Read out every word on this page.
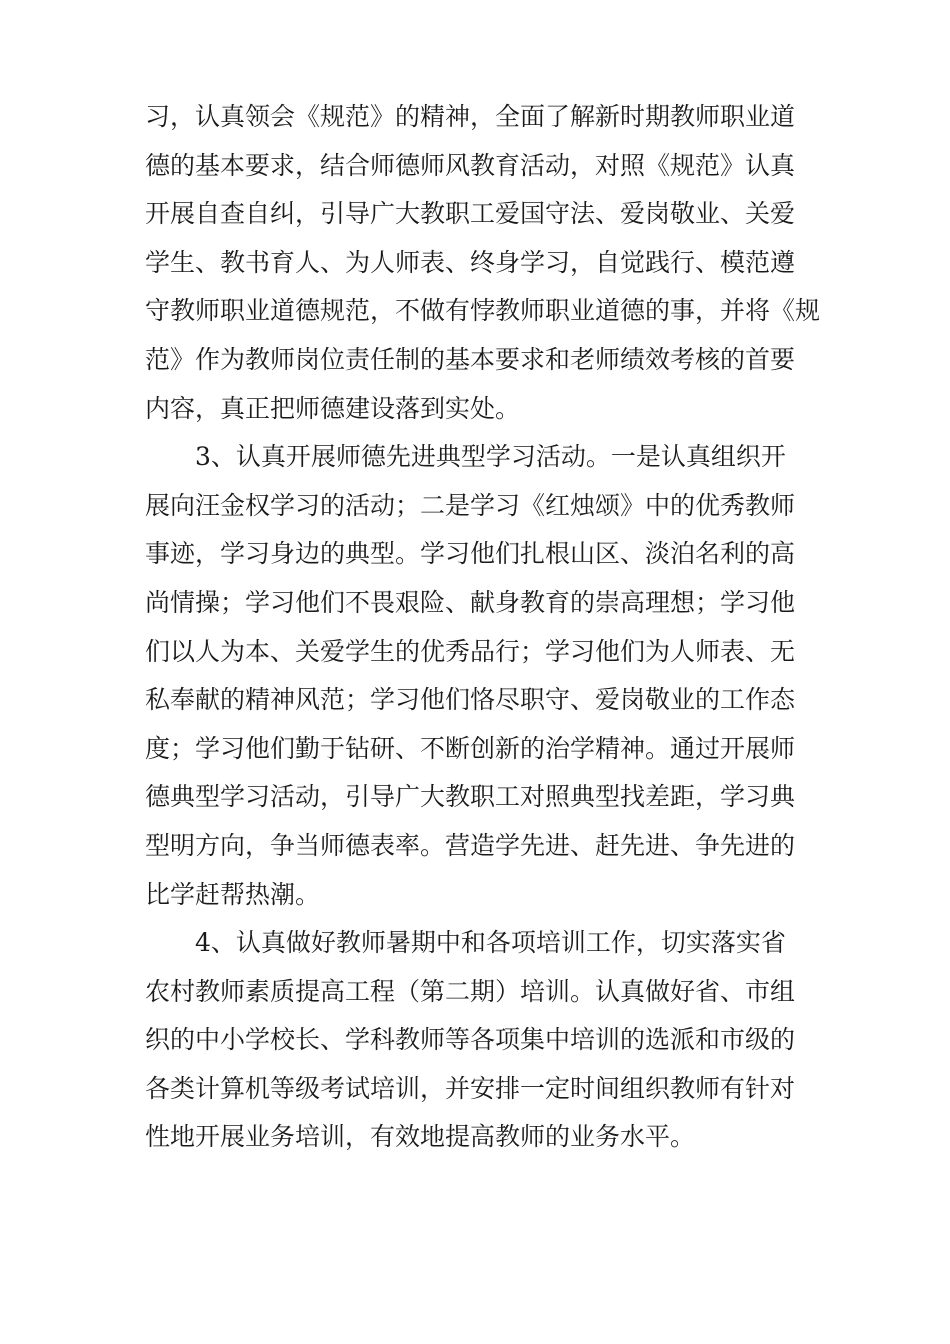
习，认真领会《规范》的精神，全面了解新时期教师职业道
德的基本要求，结合师德师风教育活动，对照《规范》认真
开展自查自纠，引导广大教职工爱国守法、爱岗敬业、关爱
学生、教书育人、为人师表、终身学习，自觉践行、模范遵
守教师职业道德规范，不做有悖教师职业道德的事，并将《规
范》作为教师岗位责任制的基本要求和老师绩效考核的首要
内容，真正把师德建设落到实处。
3、认真开展师德先进典型学习活动。一是认真组织开
展向汪金权学习的活动；二是学习《红烛颂》中的优秀教师
事迹，学习身边的典型。学习他们扎根山区、淡泊名利的高
尚情操；学习他们不畏艰险、献身教育的崇高理想；学习他
们以人为本、关爱学生的优秀品行；学习他们为人师表、无
私奉献的精神风范；学习他们恪尽职守、爱岗敬业的工作态
度；学习他们勤于钻研、不断创新的治学精神。通过开展师
德典型学习活动，引导广大教职工对照典型找差距，学习典
型明方向，争当师德表率。营造学先进、赶先进、争先进的
比学赶帮热潮。
4、认真做好教师暑期中和各项培训工作，切实落实省
农村教师素质提高工程（第二期）培训。认真做好省、市组
织的中小学校长、学科教师等各项集中培训的选派和市级的
各类计算机等级考试培训，并安排一定时间组织教师有针对
性地开展业务培训，有效地提高教师的业务水平。
